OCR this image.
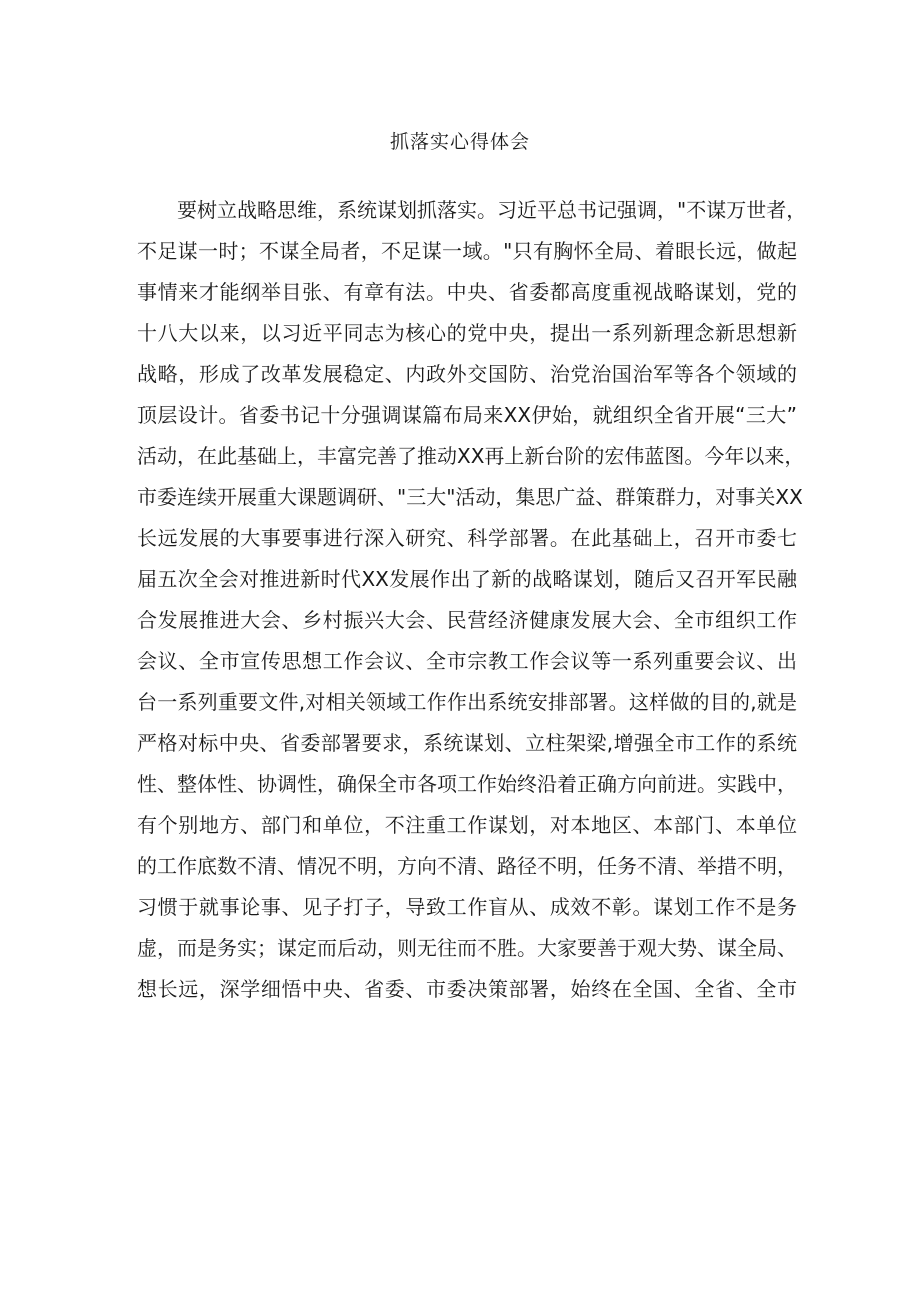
抓落实心得体会
要树立战略思维，系统谋划抓落实。习近平总书记强调，"不谋万世者，
不足谋一时；不谋全局者，不足谋一域。"只有胸怀全局、着眼长远，做起
事情来才能纲举目张、有章有法。中央、省委都高度重视战略谋划，党的
十八大以来，以习近平同志为核心的党中央，提出一系列新理念新思想新
战略，形成了改革发展稳定、内政外交国防、治党治国治军等各个领域的
顶层设计。省委书记十分强调谋篇布局来XX伊始，就组织全省开展“三大”
活动，在此基础上，丰富完善了推动XX再上新台阶的宏伟蓝图。今年以来，
市委连续开展重大课题调研、"三大"活动，集思广益、群策群力，对事关XX
长远发展的大事要事进行深入研究、科学部署。在此基础上，召开市委七
届五次全会对推进新时代XX发展作出了新的战略谋划，随后又召开军民融
合发展推进大会、乡村振兴大会、民营经济健康发展大会、全市组织工作
会议、全市宣传思想工作会议、全市宗教工作会议等一系列重要会议、出
台一系列重要文件,对相关领域工作作出系统安排部署。这样做的目的,就是
严格对标中央、省委部署要求，系统谋划、立柱架梁,增强全市工作的系统
性、整体性、协调性，确保全市各项工作始终沿着正确方向前进。实践中，
有个别地方、部门和单位，不注重工作谋划，对本地区、本部门、本单位
的工作底数不清、情况不明，方向不清、路径不明，任务不清、举措不明，
习惯于就事论事、见子打子，导致工作盲从、成效不彰。谋划工作不是务
虚，而是务实；谋定而后动，则无往而不胜。大家要善于观大势、谋全局、
想长远，深学细悟中央、省委、市委决策部署，始终在全国、全省、全市
